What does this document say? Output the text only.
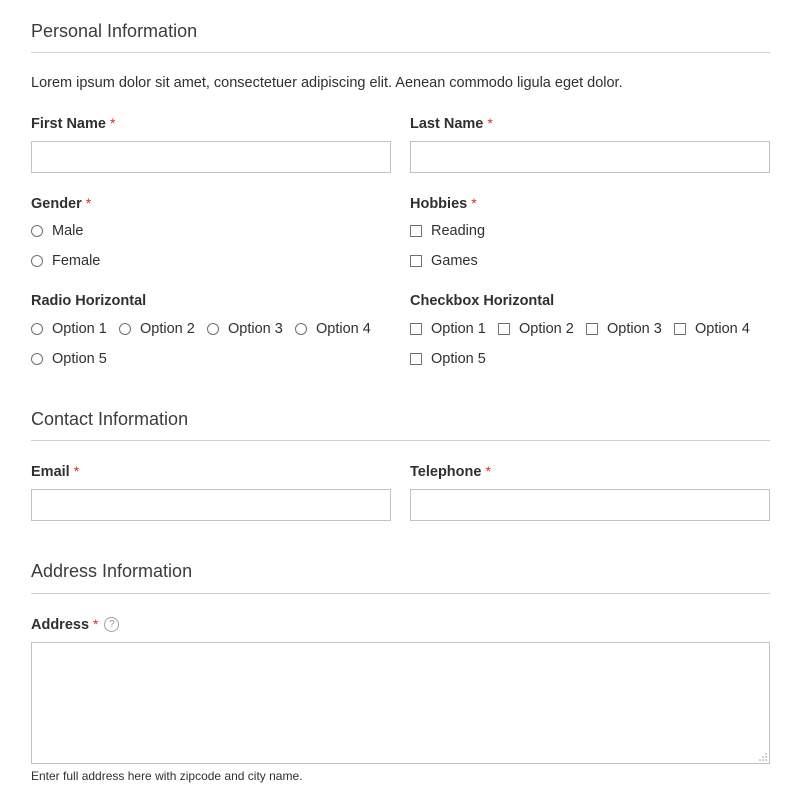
Personal Information
Lorem ipsum dolor sit amet, consectetuer adipiscing elit. Aenean commodo ligula eget dolor.
First Name *	Last Name *
Gender *
Male
Female
Hobbies *
Reading
Games
Radio Horizontal
Option 1 Option 2 Option 3 Option 4
Option 5
Checkbox Horizontal
Option 1 Option 2 Option 3 Option 4
Option 5
Contact Information
Email *	Telephone *
Address Information
Address * ?
Enter full address here with zipcode and city name.
